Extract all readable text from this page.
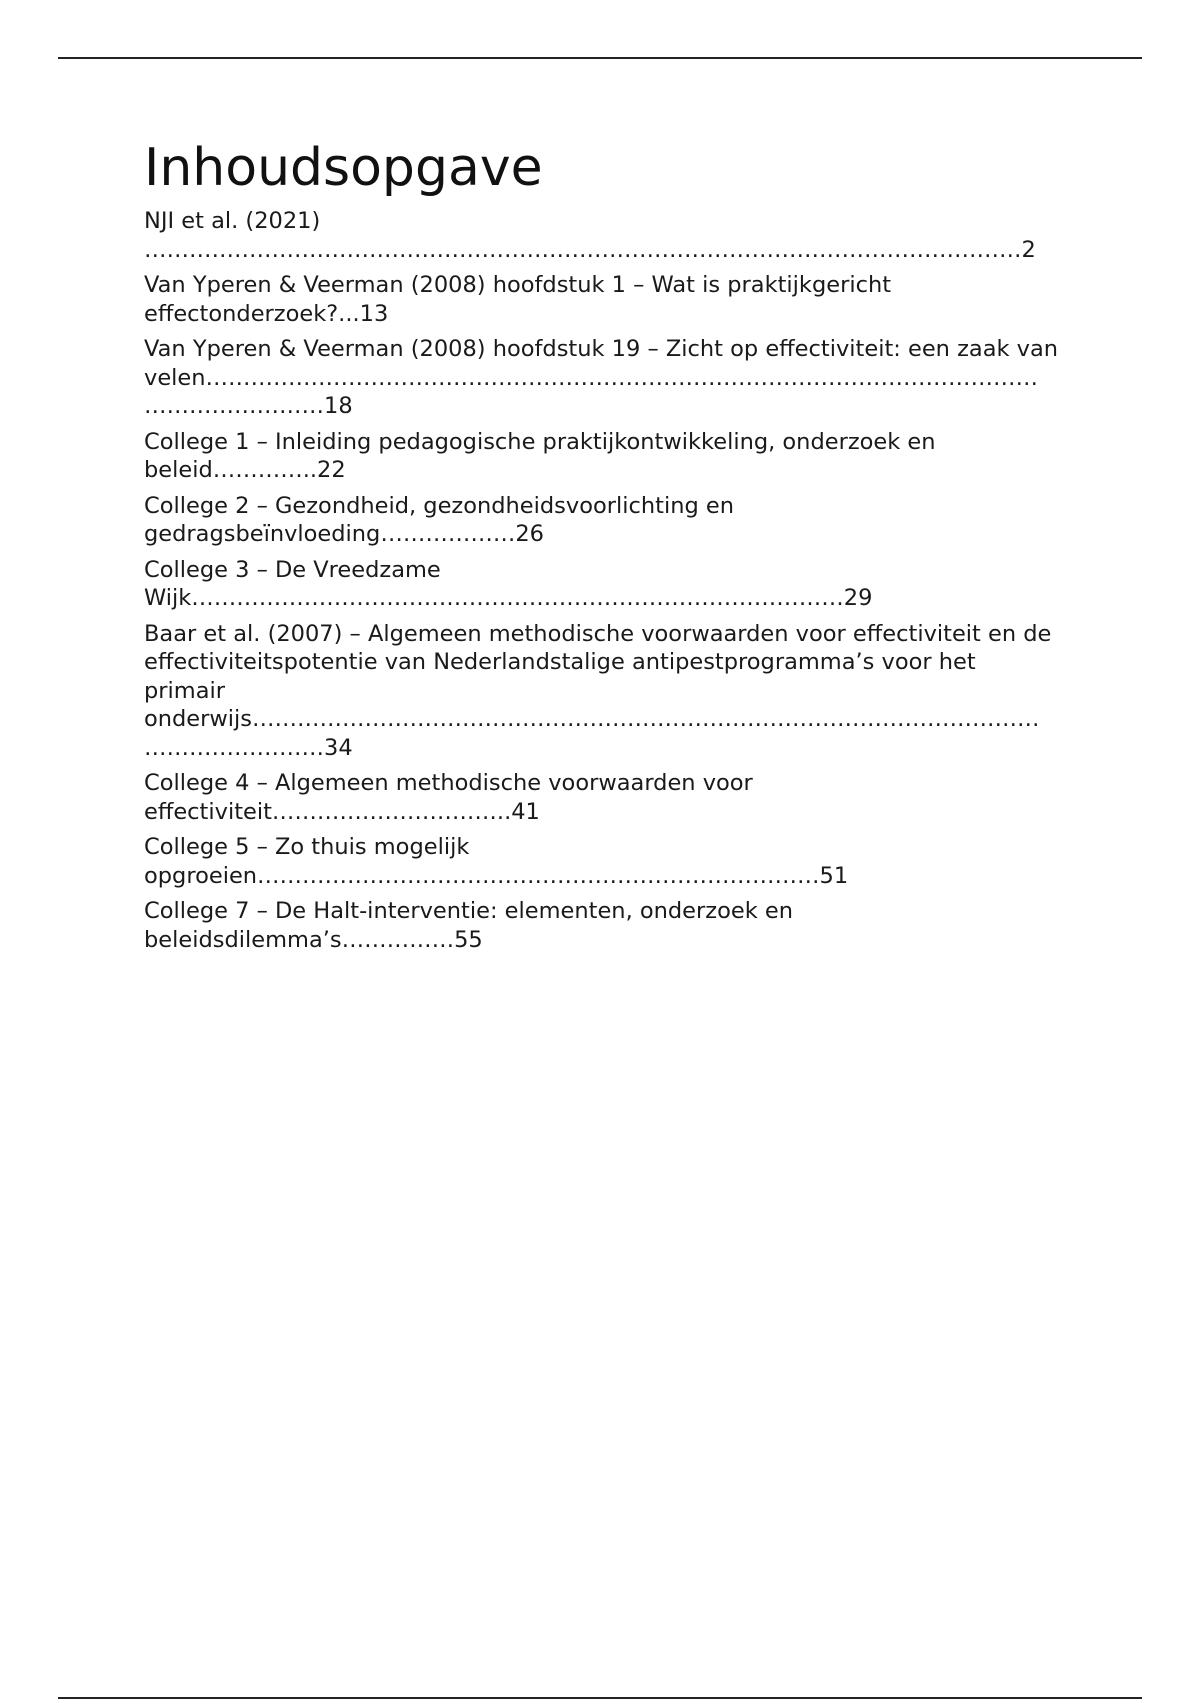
Inhoudsopgave
NJI et al. (2021) ………………………………………………………………………………………………………2
Van Yperen & Veerman (2008) hoofdstuk 1 – Wat is praktijkgericht effectonderzoek?...13
Van Yperen & Veerman (2008) hoofdstuk 19 – Zicht op effectiviteit: een zaak van velen………………………………………………………………………………………………………………………18
College 1 – Inleiding pedagogische praktijkontwikkeling, onderzoek en beleid…………..22
College 2 – Gezondheid, gezondheidsvoorlichting en gedragsbeïnvloeding………………26
College 3 – De Vreedzame Wijk……………………………………………………………………………29
Baar et al. (2007) – Algemeen methodische voorwaarden voor effectiviteit en de effectiviteitspotentie van Nederlandstalige antipestprogramma’s voor het primair onderwijs…………………………………………………………………………………………………………………34
College 4 – Algemeen methodische voorwaarden voor effectiviteit…………………………..41
College 5 – Zo thuis mogelijk opgroeien…………………………………………………………………51
College 7 – De Halt-interventie: elementen, onderzoek en beleidsdilemma’s……………55
